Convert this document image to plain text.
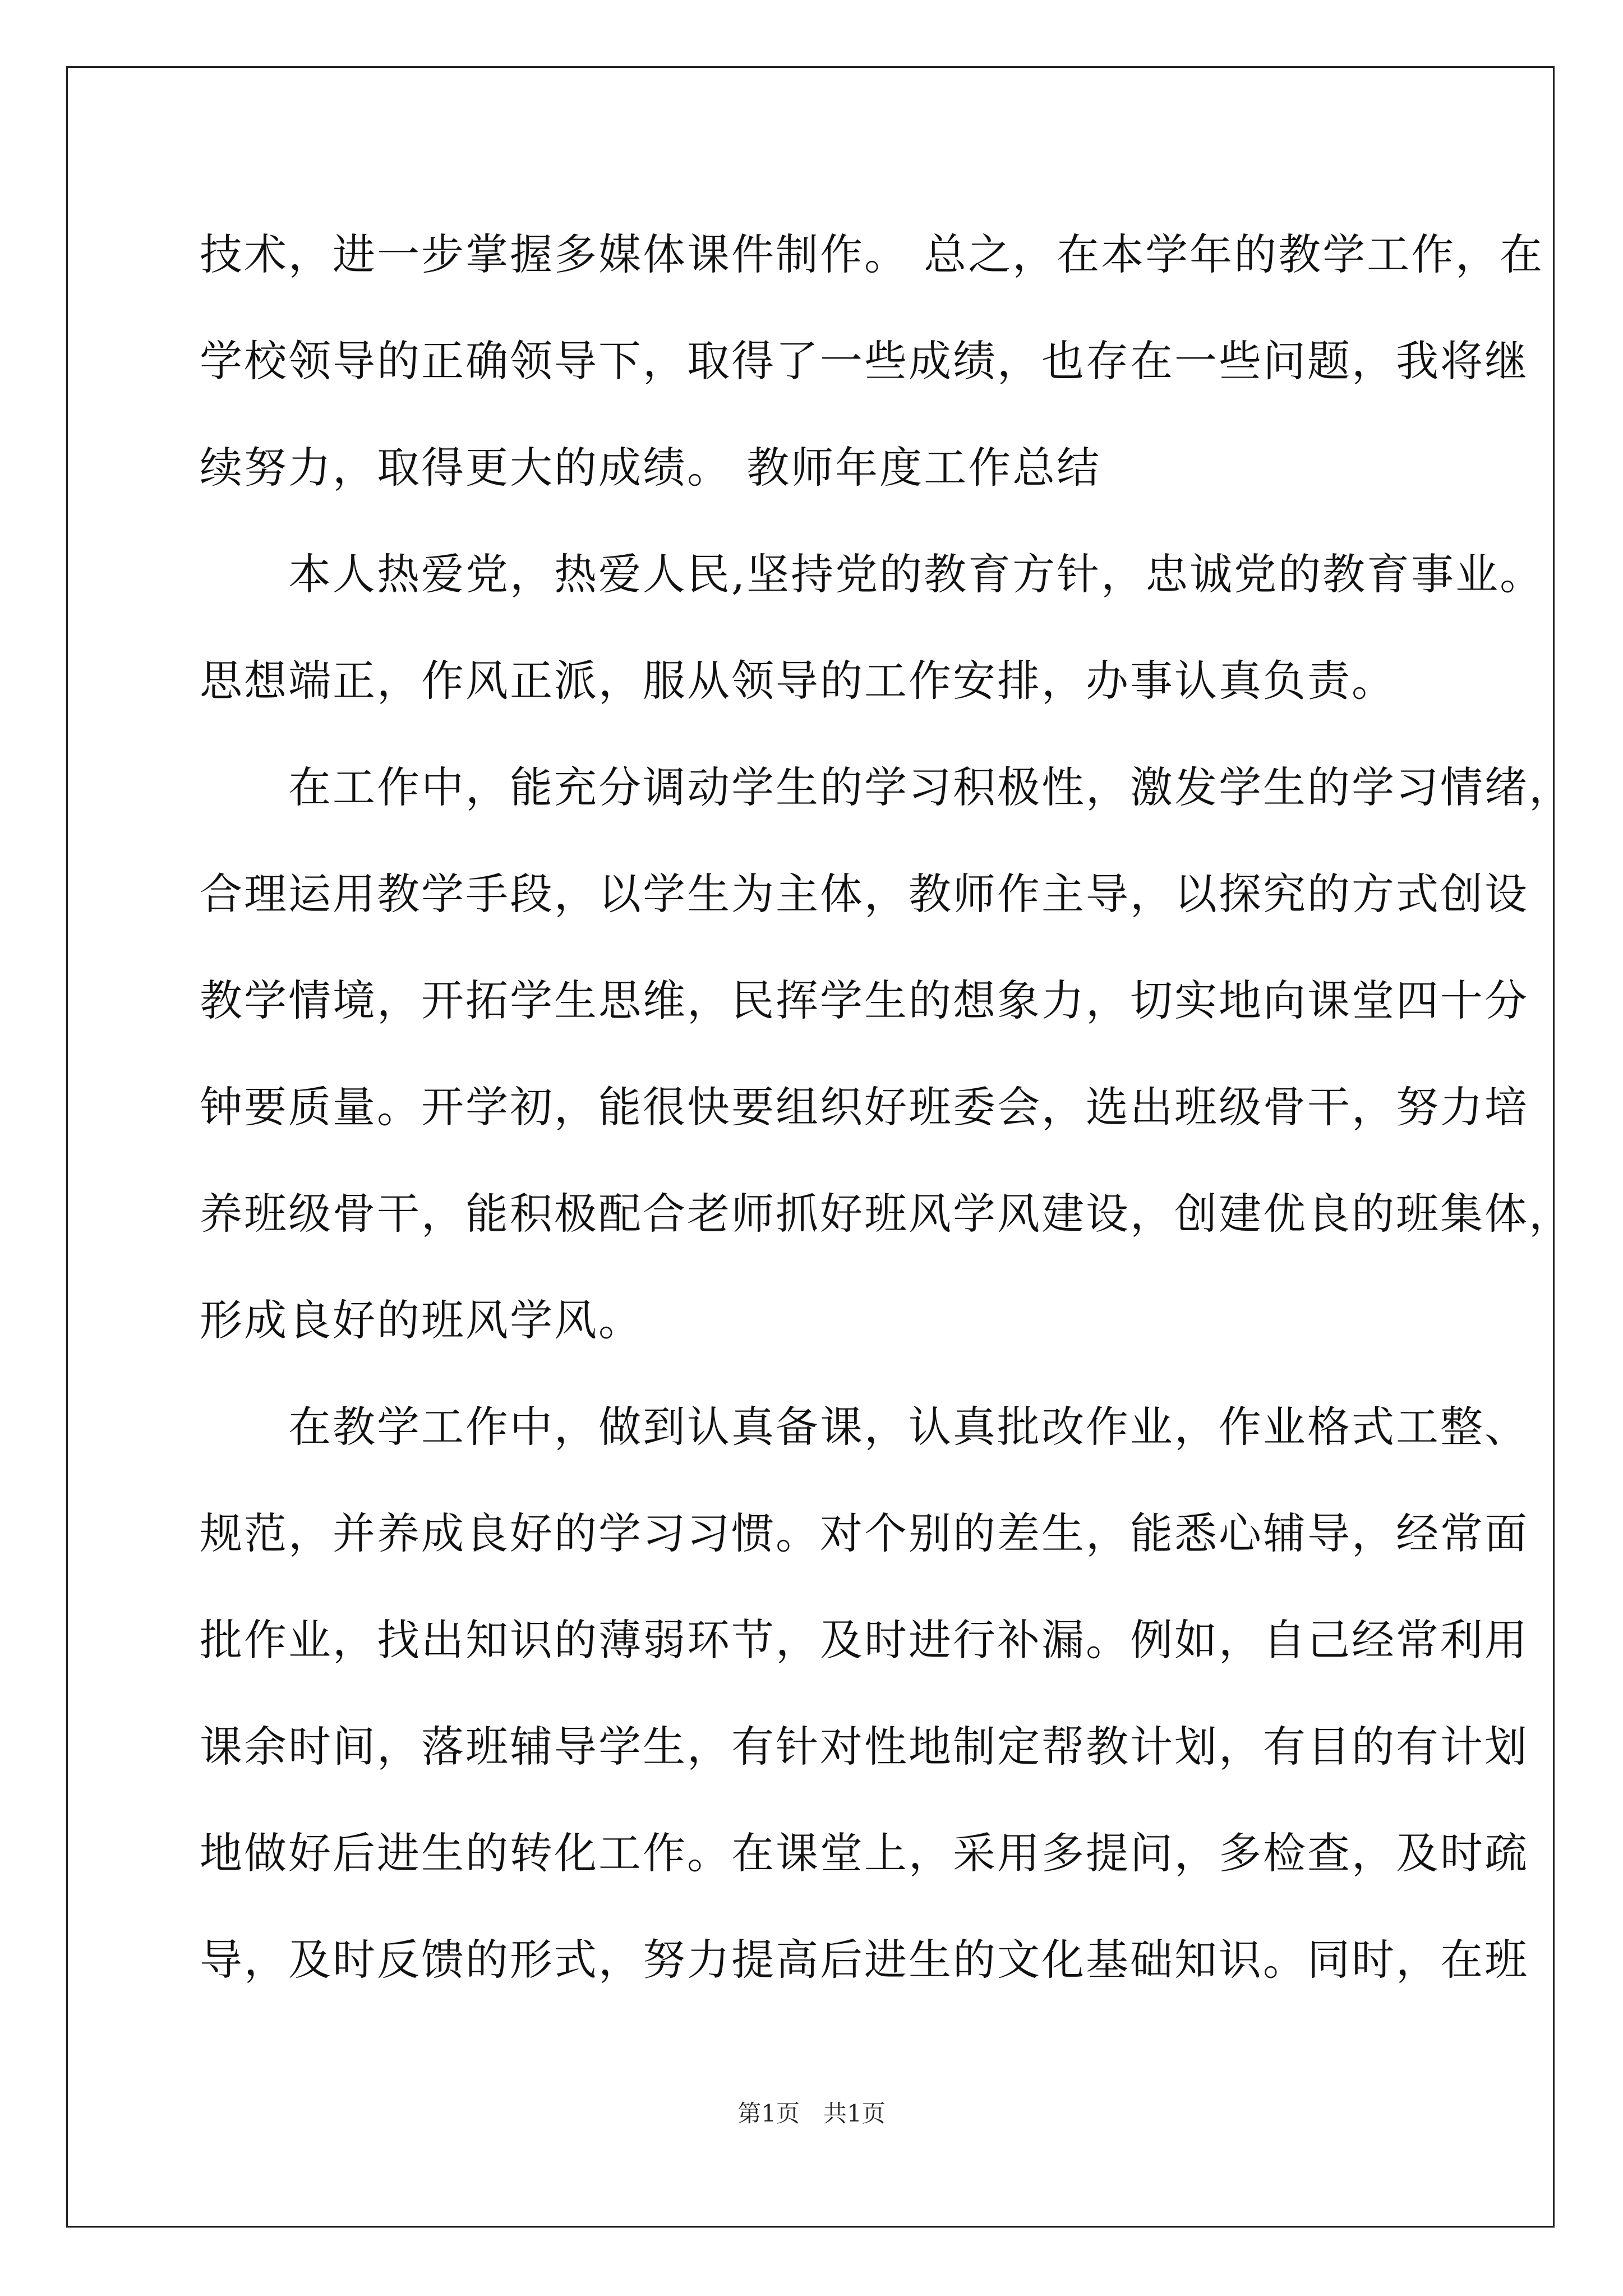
技术，进一步掌握多媒体课件制作。 总之，在本学年的教学工作，在
学校领导的正确领导下，取得了一些成绩，也存在一些问题，我将继
续努力，取得更大的成绩。 教师年度工作总结
　　本人热爱党，热爱人民,坚持党的教育方针，忠诚党的教育事业。
思想端正，作风正派，服从领导的工作安排，办事认真负责。
　　在工作中，能充分调动学生的学习积极性，激发学生的学习情绪，
合理运用教学手段，以学生为主体，教师作主导，以探究的方式创设
教学情境，开拓学生思维，民挥学生的想象力，切实地向课堂四十分
钟要质量。开学初，能很快要组织好班委会，选出班级骨干，努力培
养班级骨干，能积极配合老师抓好班风学风建设，创建优良的班集体，
形成良好的班风学风。
　　在教学工作中，做到认真备课，认真批改作业，作业格式工整、
规范，并养成良好的学习习惯。对个别的差生，能悉心辅导，经常面
批作业，找出知识的薄弱环节，及时进行补漏。例如，自己经常利用
课余时间，落班辅导学生，有针对性地制定帮教计划，有目的有计划
地做好后进生的转化工作。在课堂上，采用多提问，多检查，及时疏
导，及时反馈的形式，努力提高后进生的文化基础知识。同时，在班
第1页　共1页
